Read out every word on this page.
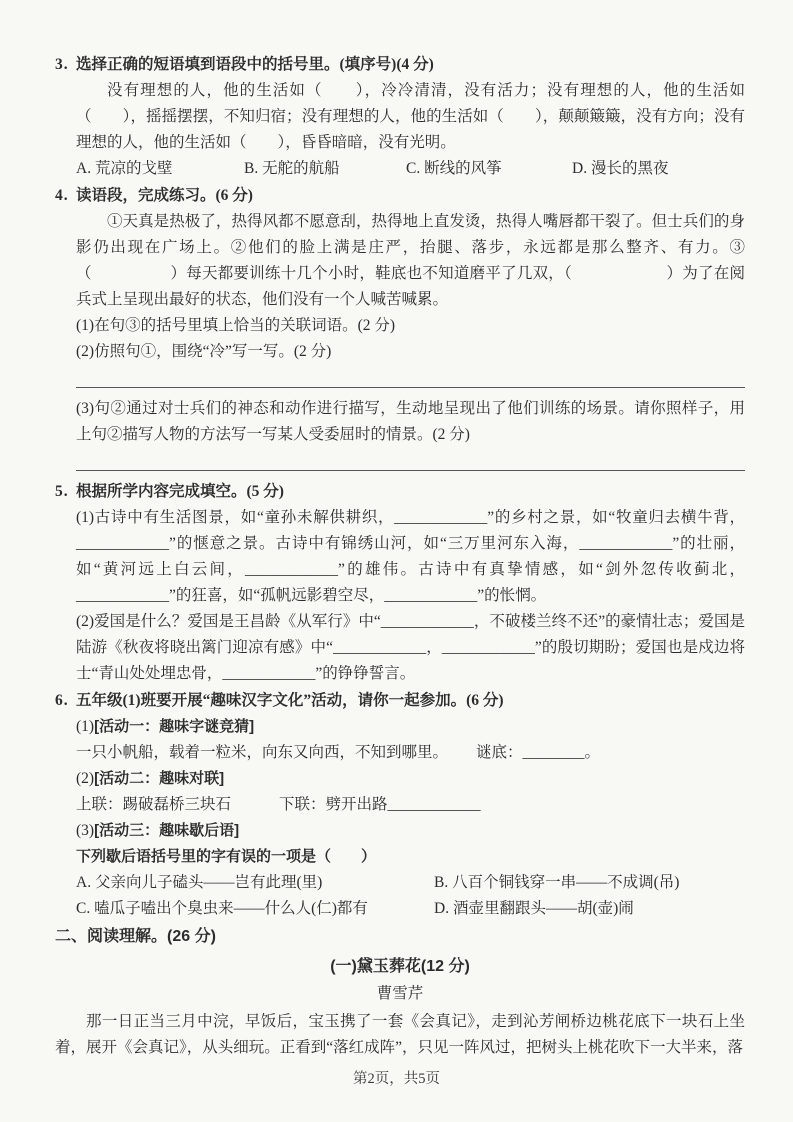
3. 选择正确的短语填到语段中的括号里。(填序号)(4 分)

没有理想的人，他的生活如（　　），冷冷清清，没有活力；没有理想的人，他的生活如（　　），摇摇摆摆，不知归宿；没有理想的人，他的生活如（　　），颠颠簸簸，没有方向；没有理想的人，他的生活如（　　），昏昏暗暗，没有光明。

A. 荒凉的戈壁	B. 无舵的航船	C. 断线的风筝	D. 漫长的黑夜

4. 读语段，完成练习。(6 分)

①天真是热极了，热得风都不愿意刮，热得地上直发烫，热得人嘴唇都干裂了。但士兵们的身影仍出现在广场上。②他们的脸上满是庄严，抬腿、落步，永远都是那么整齐、有力。③（　　　　　）每天都要训练十几个小时，鞋底也不知道磨平了几双，（　　　　　　）为了在阅兵式上呈现出最好的状态，他们没有一个人喊苦喊累。

(1)在句③的括号里填上恰当的关联词语。(2 分)

(2)仿照句①，围绕“冷”写一写。(2 分)

(3)句②通过对士兵们的神态和动作进行描写，生动地呈现出了他们训练的场景。请你照样子，用上句②描写人物的方法写一写某人受委屈时的情景。(2 分)

5. 根据所学内容完成填空。(5 分)

(1)古诗中有生活图景，如“童孙未解供耕织，____________”的乡村之景，如“牧童归去横牛背，____________”的惬意之景。古诗中有锦绣山河，如“三万里河东入海，____________”的壮丽，如“黄河远上白云间，____________”的雄伟。古诗中有真挚情感，如“剑外忽传收蓟北，____________”的狂喜，如“孤帆远影碧空尽，____________”的怅惘。

(2)爱国是什么？爱国是王昌龄《从军行》中“____________，不破楼兰终不还”的豪情壮志；爱国是陆游《秋夜将晓出篱门迎凉有感》中“____________，____________”的殷切期盼；爱国也是戍边将士“青山处处埋忠骨，____________”的铮铮誓言。

6. 五年级(1)班要开展“趣味汉字文化”活动，请你一起参加。(6 分)

(1)[活动一：趣味字谜竞猜]

一只小帆船，载着一粒米，向东又向西，不知到哪里。 谜底：________。

(2)[活动二：趣味对联]

上联：踢破磊桥三块石	下联：劈开出路____________

(3)[活动三：趣味歇后语]

下列歇后语括号里的字有误的一项是（　　）

A. 父亲向儿子磕头——岂有此理(里)	B. 八百个铜钱穿一串——不成调(吊)
C. 嗑瓜子嗑出个臭虫来——什么人(仁)都有	D. 酒壶里翻跟头——胡(壶)闹

二、阅读理解。(26 分)

(一)黛玉葬花(12 分)

曹雪芹

那一日正当三月中浣，早饭后，宝玉携了一套《会真记》，走到沁芳闸桥边桃花底下一块石上坐着，展开《会真记》，从头细玩。正看到“落红成阵”，只见一阵风过，把树头上桃花吹下一大半来，落

第2页，共5页
